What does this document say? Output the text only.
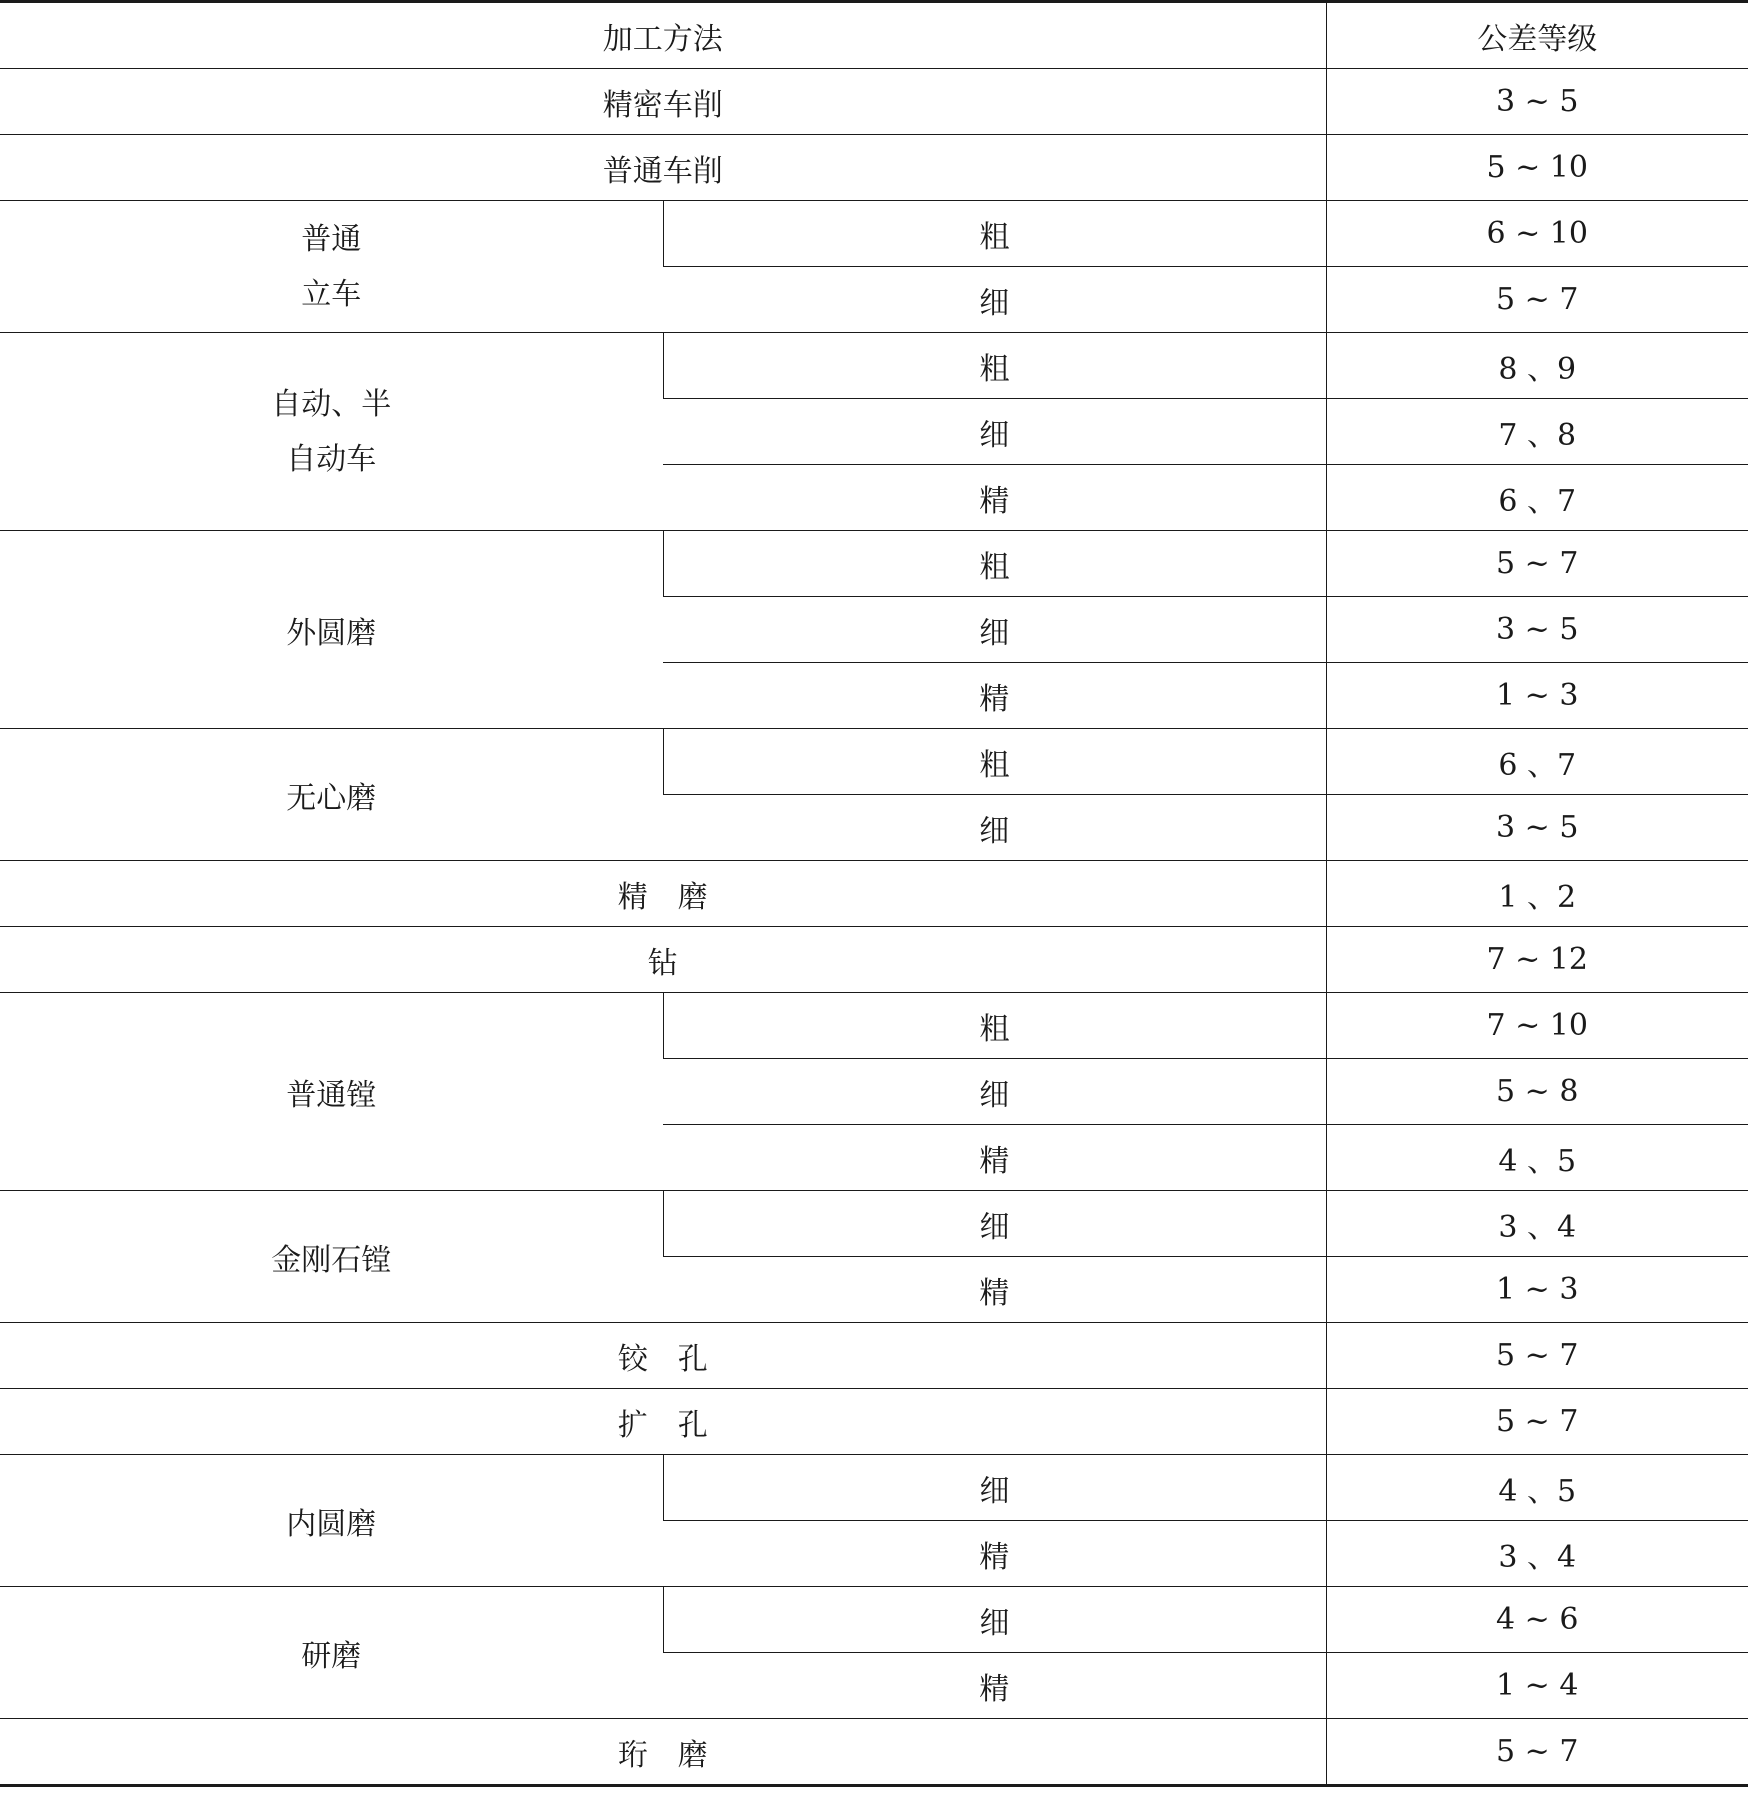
加工方法		公差等级
精密车削		3 ~ 5
普通车削		5 ~ 10
普通
立车	粗	6 ~ 10
	细	5 ~ 7
自动、半
自动车	粗	8 、9
	细	7 、8
	精	6 、7
外圆磨	粗	5 ~ 7
	细	3 ~ 5
	精	1 ~ 3
无心磨	粗	6 、7
	细	3 ~ 5
精　磨		1 、2
钻		7 ~ 12
普通镗	粗	7 ~ 10
	细	5 ~ 8
	精	4 、5
金刚石镗	细	3 、4
	精	1 ~ 3
铰　孔		5 ~ 7
扩　孔		5 ~ 7
内圆磨	细	4 、5
	精	3 、4
研磨	细	4 ~ 6
	精	1 ~ 4
珩　磨		5 ~ 7
